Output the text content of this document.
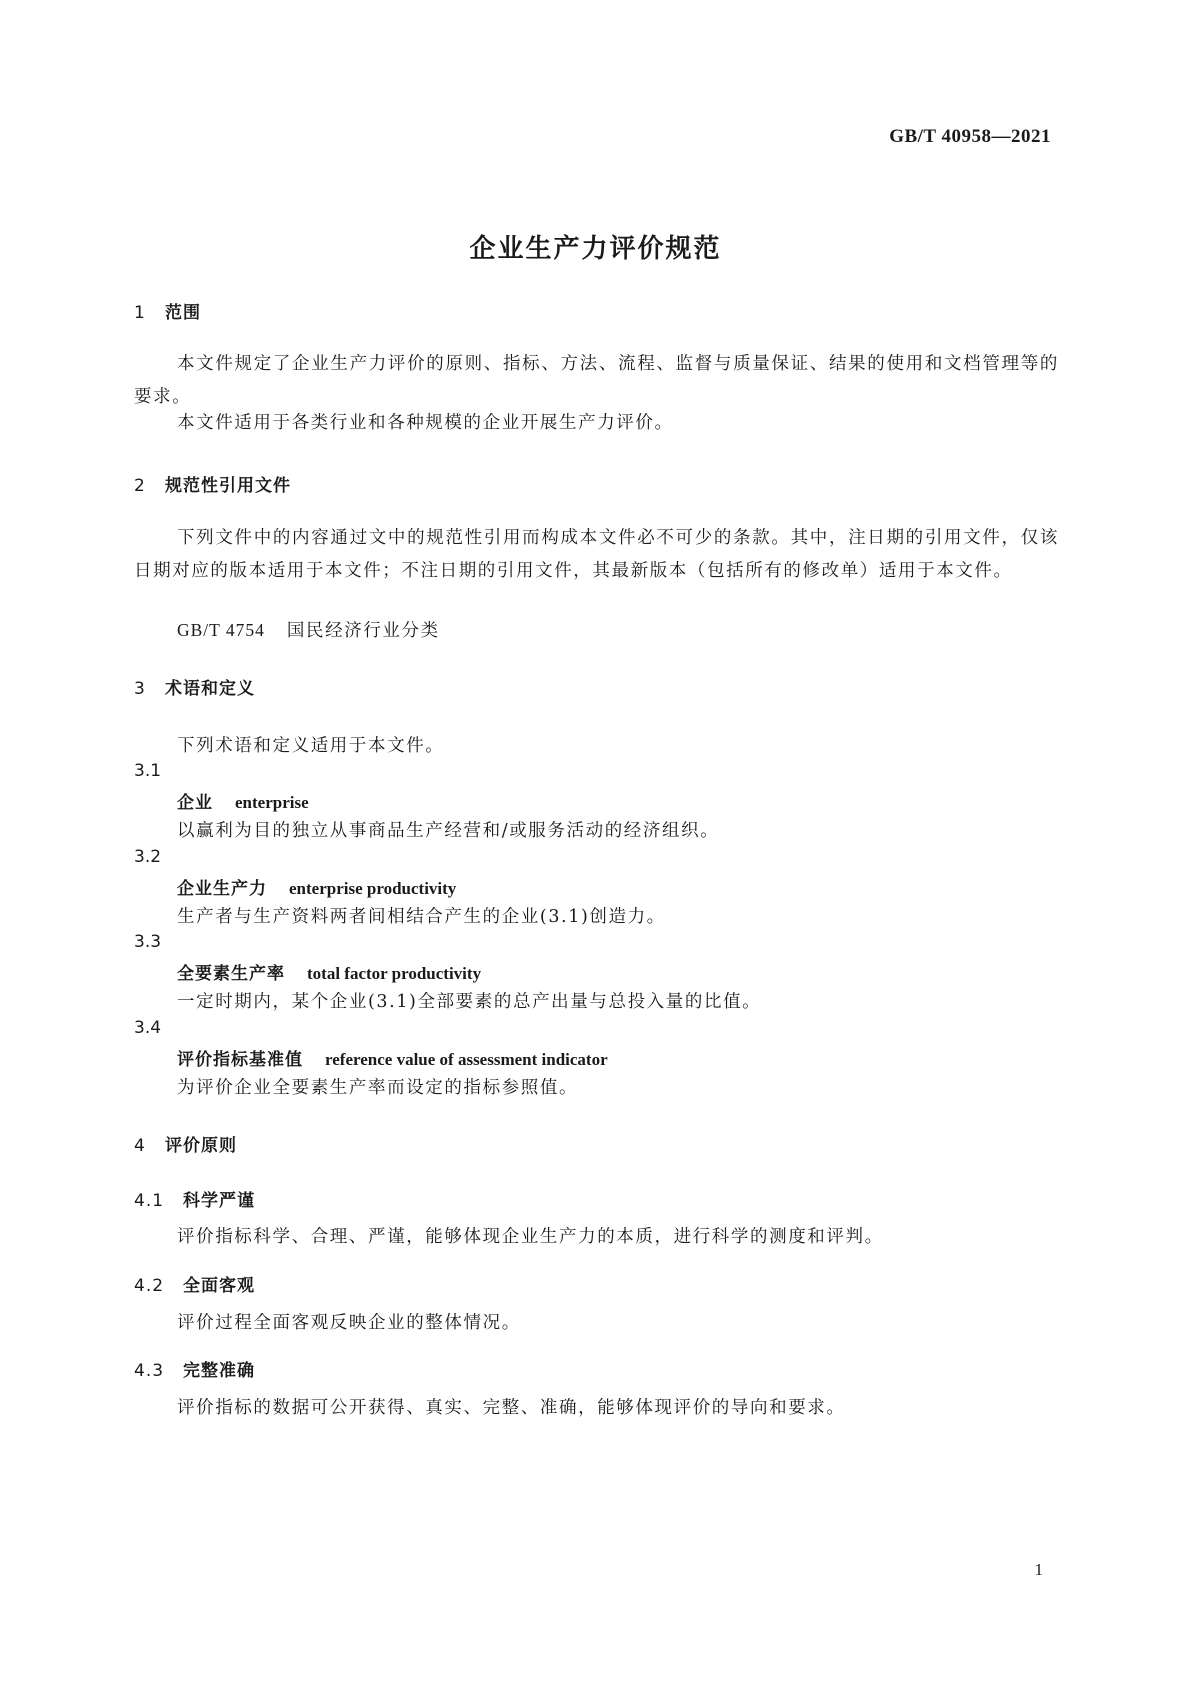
GB/T 40958—2021
企业生产力评价规范
1 范围
本文件规定了企业生产力评价的原则、指标、方法、流程、监督与质量保证、结果的使用和文档管理等的要求。
本文件适用于各类行业和各种规模的企业开展生产力评价。
2 规范性引用文件
下列文件中的内容通过文中的规范性引用而构成本文件必不可少的条款。其中，注日期的引用文件，仅该日期对应的版本适用于本文件；不注日期的引用文件，其最新版本（包括所有的修改单）适用于本文件。
GB/T 4754 国民经济行业分类
3 术语和定义
下列术语和定义适用于本文件。
3.1
企业 enterprise
以赢利为目的独立从事商品生产经营和/或服务活动的经济组织。
3.2
企业生产力 enterprise productivity
生产者与生产资料两者间相结合产生的企业(3.1)创造力。
3.3
全要素生产率 total factor productivity
一定时期内，某个企业(3.1)全部要素的总产出量与总投入量的比值。
3.4
评价指标基准值 reference value of assessment indicator
为评价企业全要素生产率而设定的指标参照值。
4 评价原则
4.1 科学严谨
评价指标科学、合理、严谨，能够体现企业生产力的本质，进行科学的测度和评判。
4.2 全面客观
评价过程全面客观反映企业的整体情况。
4.3 完整准确
评价指标的数据可公开获得、真实、完整、准确，能够体现评价的导向和要求。
1
